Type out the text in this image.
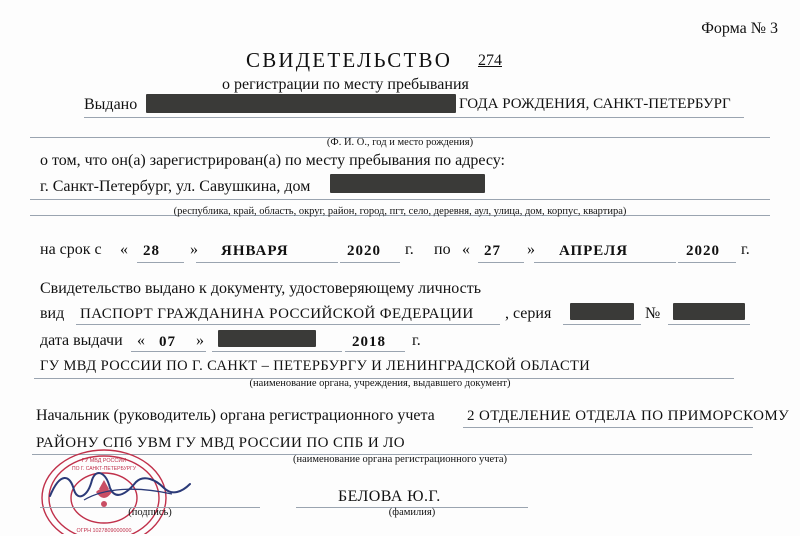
Форма № 3
СВИДЕТЕЛЬСТВО 274
о регистрации по месту пребывания
Выдано	ГОДА РОЖДЕНИЯ, САНКТ-ПЕТЕРБУРГ
(Ф. И. О., год и место рождения)
о том, что он(а) зарегистрирован(а) по месту пребывания по адресу:
г. Санкт-Петербург, ул. Савушкина, дом
(республика, край, область, округ, район, город, пгт, село, деревня, аул, улица, дом, корпус, квартира)
на срок с « 28 » ЯНВАРЯ	2020 г. по « 27 » АПРЕЛЯ	2020 г.
Свидетельство выдано к документу, удостоверяющему личность
вид ПАСПОРТ ГРАЖДАНИНА РОССИЙСКОЙ ФЕДЕРАЦИИ , серия	№
дата выдачи « 07 »	2018 г.
ГУ МВД РОССИИ ПО Г. САНКТ – ПЕТЕРБУРГУ И ЛЕНИНГРАДСКОЙ ОБЛАСТИ
(наименование органа, учреждения, выдавшего документ)
Начальник (руководитель) органа регистрационного учета 2 ОТДЕЛЕНИЕ ОТДЕЛА ПО ПРИМОРСКОМУ
РАЙОНУ СПб УВМ ГУ МВД РОССИИ ПО СПБ И ЛО
(наименование органа регистрационного учета)
ГУ МВД РОССИИ
ПО Г. САНКТ-ПЕТЕРБУРГУ
ОГРН 1027809000000
(подпись)
БЕЛОВА Ю.Г.
(фамилия)
